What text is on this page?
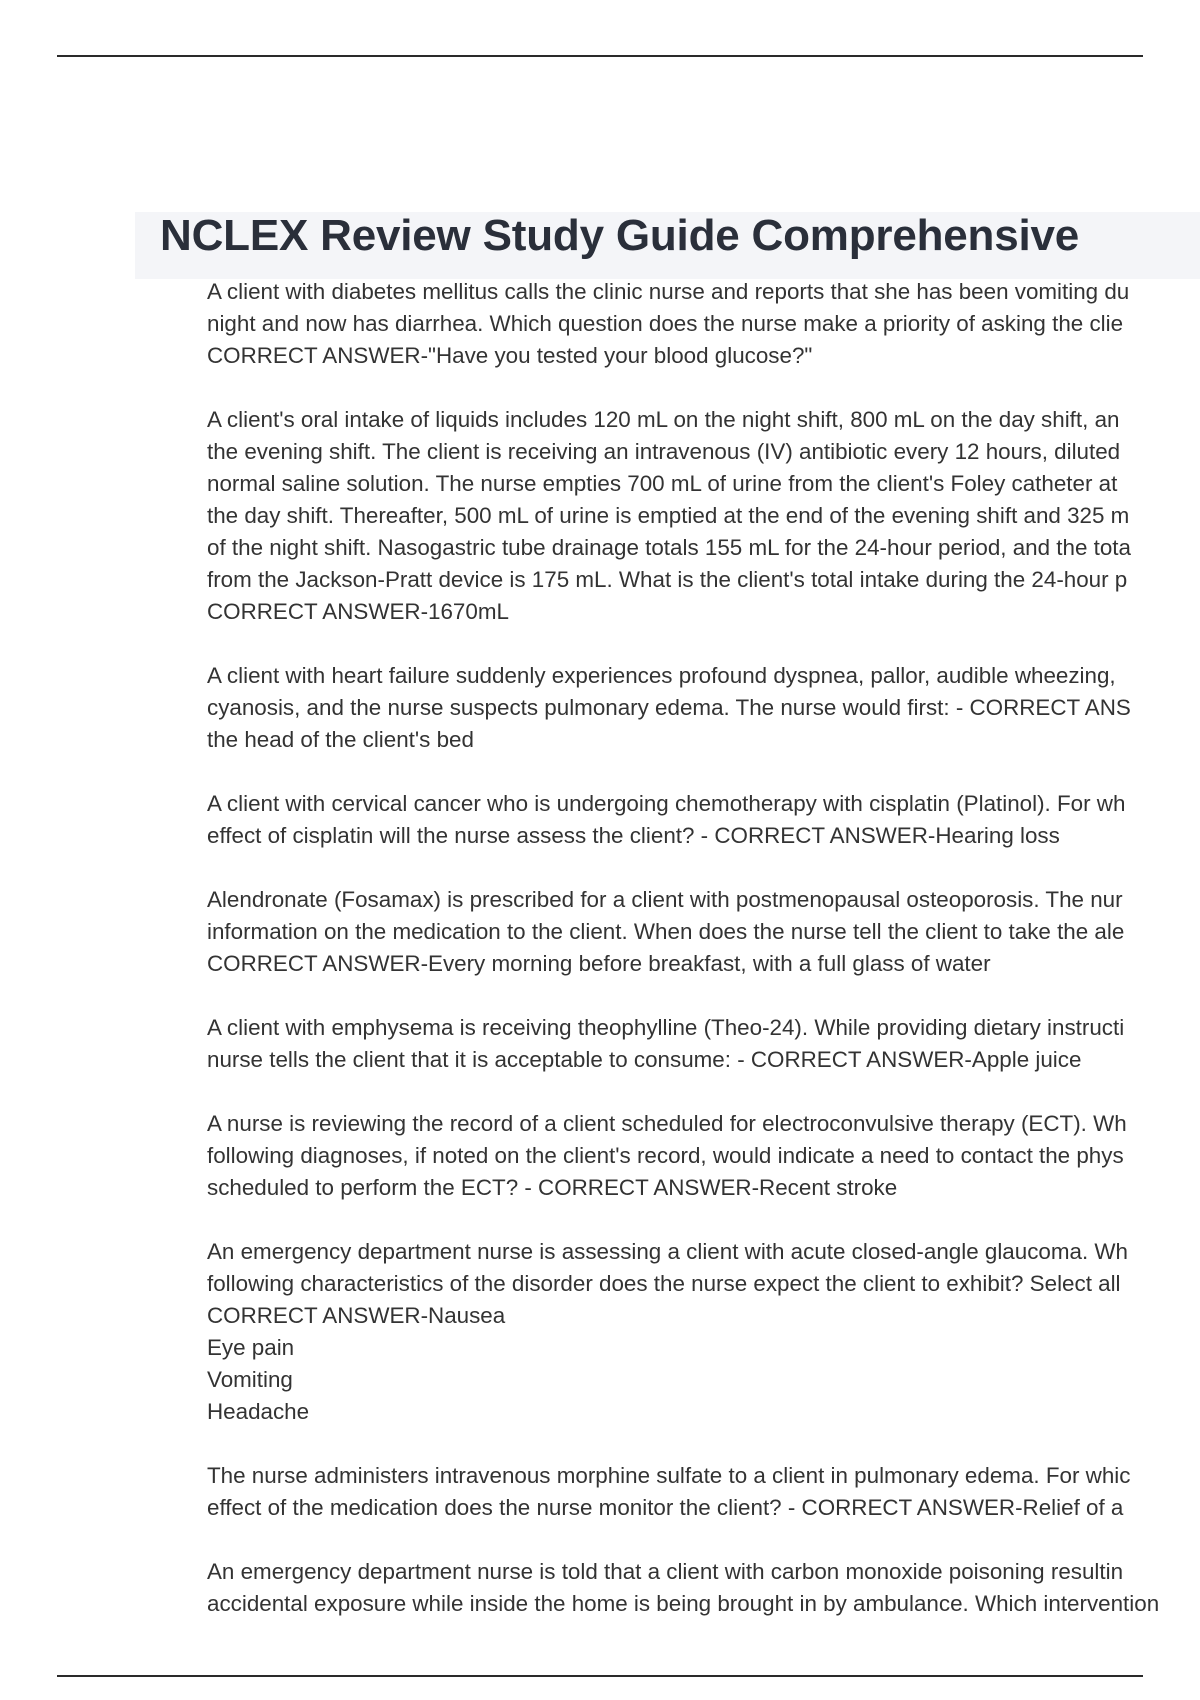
NCLEX Review Study Guide Comprehensive
A client with diabetes mellitus calls the clinic nurse and reports that she has been vomiting du
night and now has diarrhea. Which question does the nurse make a priority of asking the clie
CORRECT ANSWER-"Have you tested your blood glucose?"
A client's oral intake of liquids includes 120 mL on the night shift, 800 mL on the day shift, an
the evening shift. The client is receiving an intravenous (IV) antibiotic every 12 hours, diluted
normal saline solution. The nurse empties 700 mL of urine from the client's Foley catheter at
the day shift. Thereafter, 500 mL of urine is emptied at the end of the evening shift and 325 m
of the night shift. Nasogastric tube drainage totals 155 mL for the 24-hour period, and the tota
from the Jackson-Pratt device is 175 mL. What is the client's total intake during the 24-hour p
CORRECT ANSWER-1670mL
A client with heart failure suddenly experiences profound dyspnea, pallor, audible wheezing,
cyanosis, and the nurse suspects pulmonary edema. The nurse would first: - CORRECT ANS
the head of the client's bed
A client with cervical cancer who is undergoing chemotherapy with cisplatin (Platinol). For wh
effect of cisplatin will the nurse assess the client? - CORRECT ANSWER-Hearing loss
Alendronate (Fosamax) is prescribed for a client with postmenopausal osteoporosis. The nur
information on the medication to the client. When does the nurse tell the client to take the ale
CORRECT ANSWER-Every morning before breakfast, with a full glass of water
A client with emphysema is receiving theophylline (Theo-24). While providing dietary instructi
nurse tells the client that it is acceptable to consume: - CORRECT ANSWER-Apple juice
A nurse is reviewing the record of a client scheduled for electroconvulsive therapy (ECT). Wh
following diagnoses, if noted on the client's record, would indicate a need to contact the phys
scheduled to perform the ECT? - CORRECT ANSWER-Recent stroke
An emergency department nurse is assessing a client with acute closed-angle glaucoma. Wh
following characteristics of the disorder does the nurse expect the client to exhibit? Select all
CORRECT ANSWER-Nausea
Eye pain
Vomiting
Headache
The nurse administers intravenous morphine sulfate to a client in pulmonary edema. For whic
effect of the medication does the nurse monitor the client? - CORRECT ANSWER-Relief of a
An emergency department nurse is told that a client with carbon monoxide poisoning resultin
accidental exposure while inside the home is being brought in by ambulance. Which intervention
